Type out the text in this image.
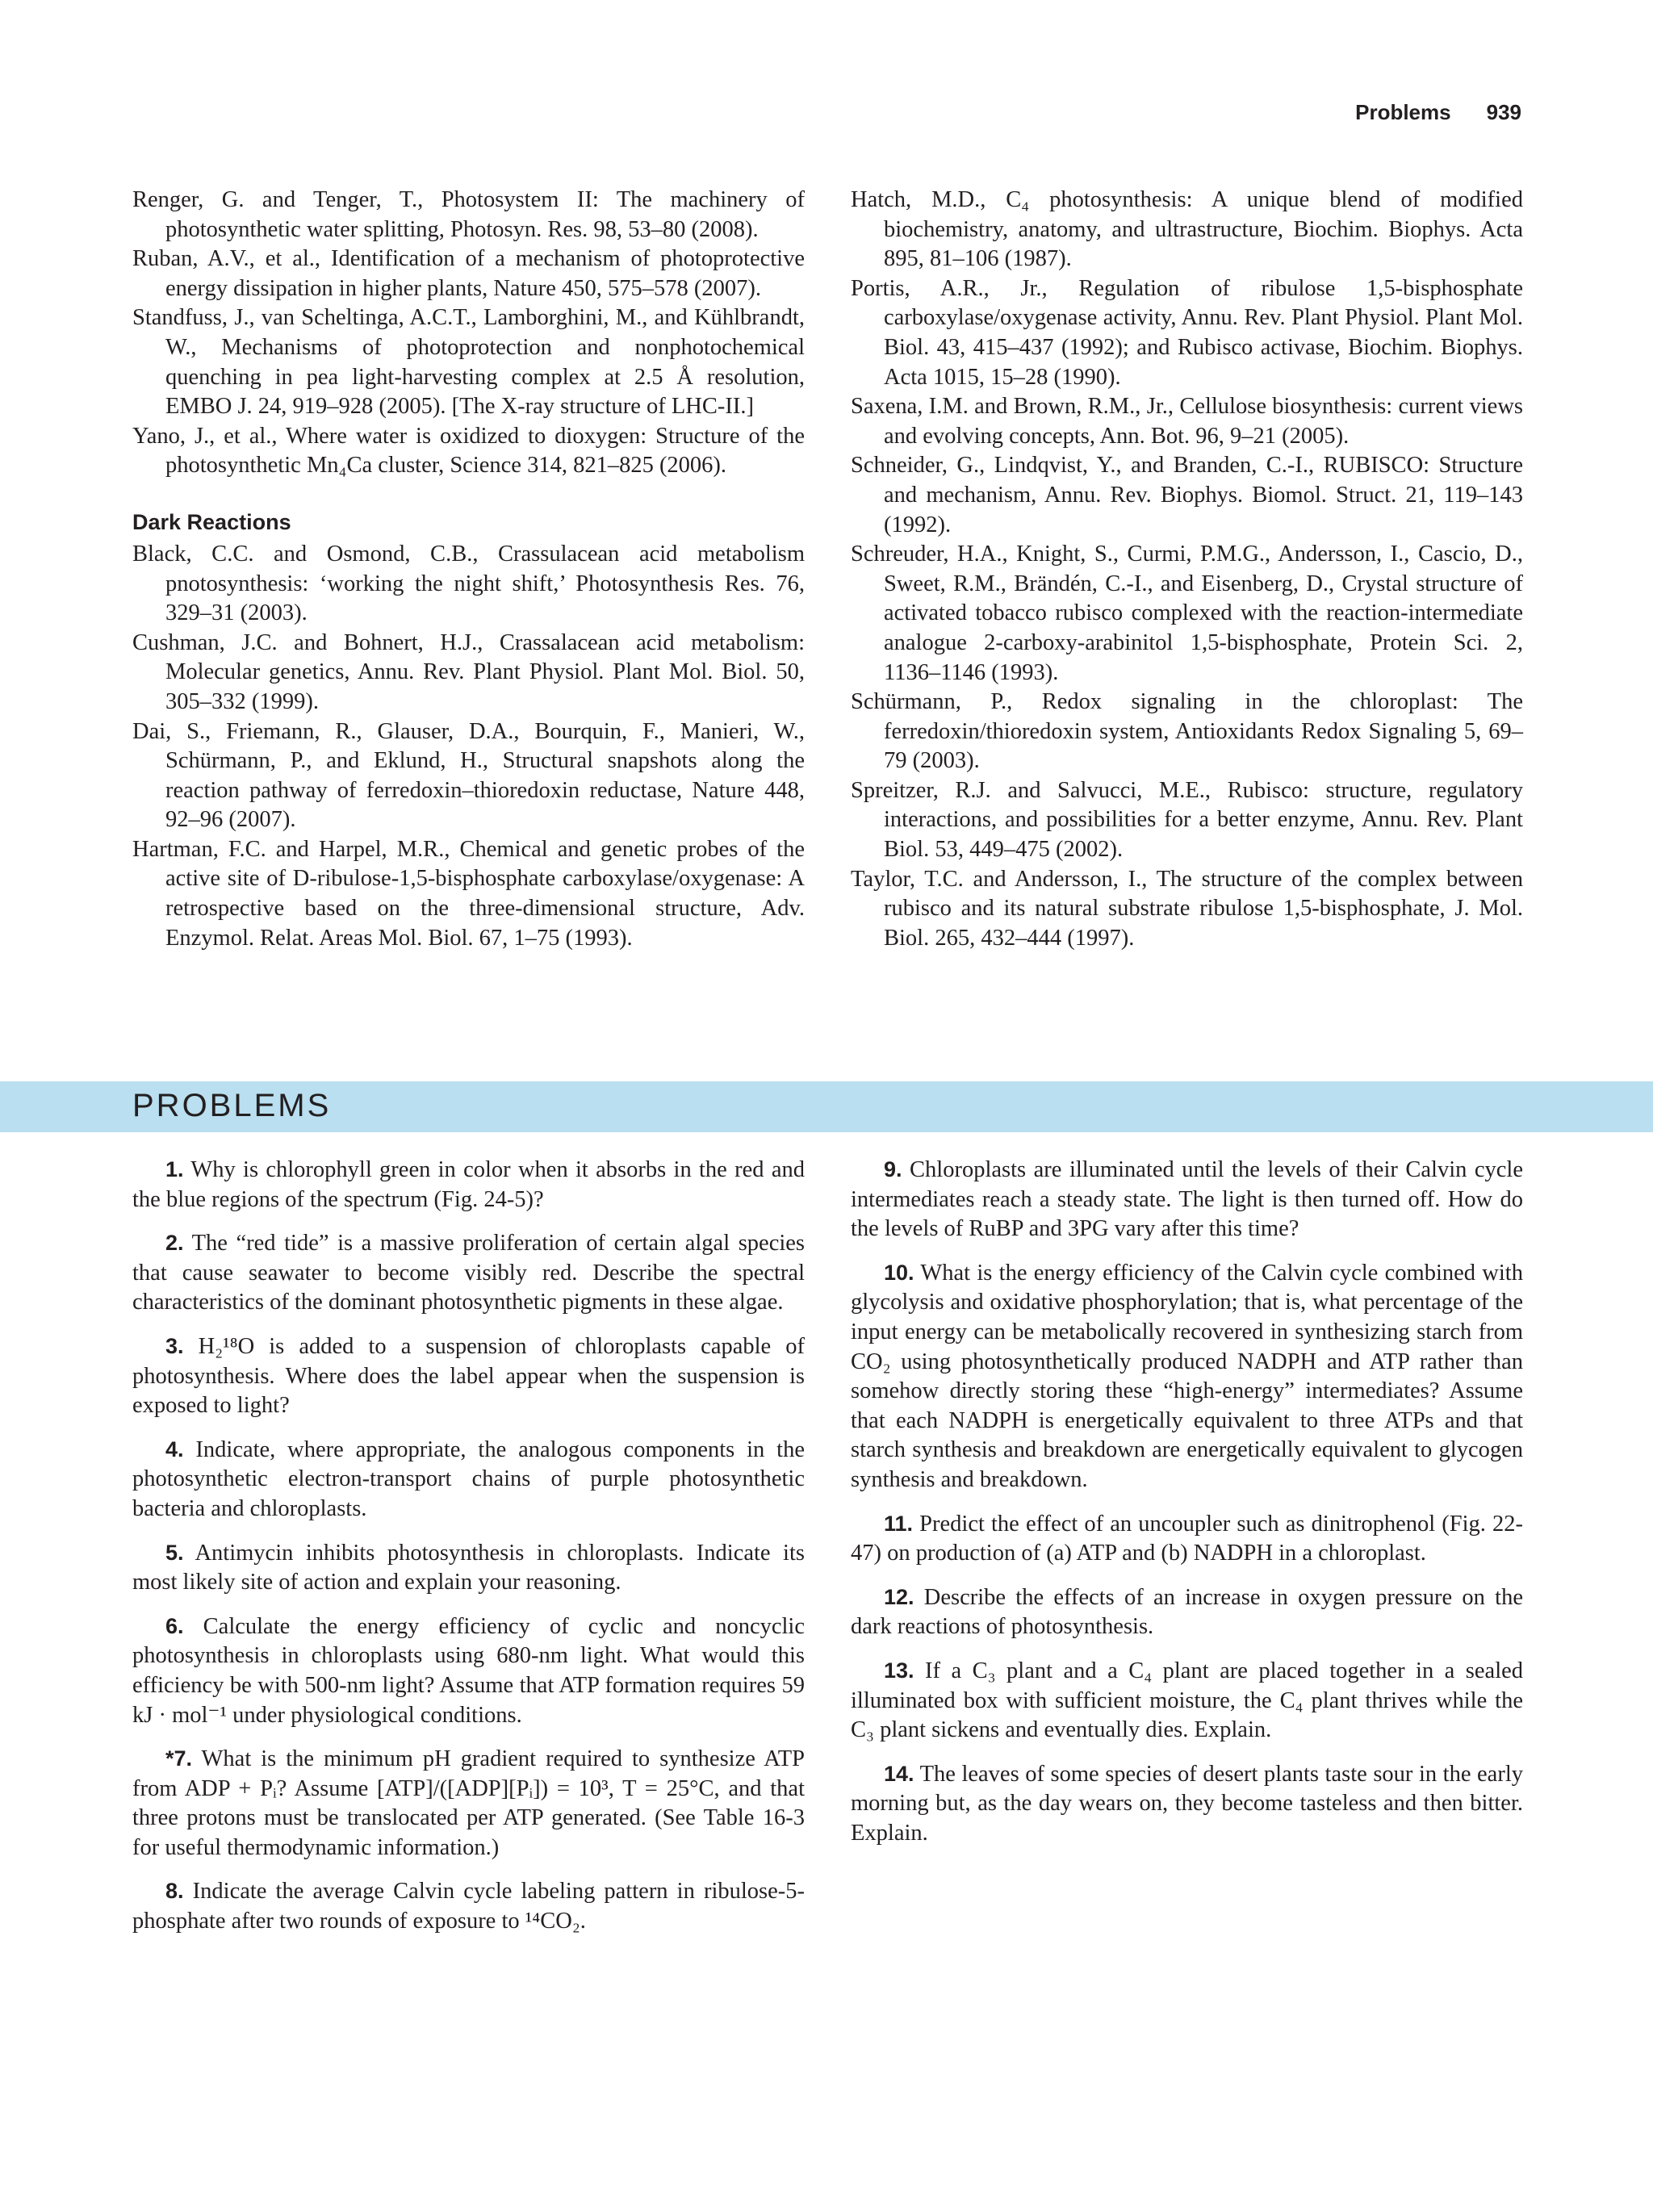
Problems 939

Renger, G. and Tenger, T., Photosystem II: The machinery of photosynthetic water splitting, Photosyn. Res. 98, 53–80 (2008).

Ruban, A.V., et al., Identification of a mechanism of photoprotective energy dissipation in higher plants, Nature 450, 575–578 (2007).

Standfuss, J., van Scheltinga, A.C.T., Lamborghini, M., and Kühlbrandt, W., Mechanisms of photoprotection and nonphotochemical quenching in pea light-harvesting complex at 2.5 Å resolution, EMBO J. 24, 919–928 (2005). [The X-ray structure of LHC-II.]

Yano, J., et al., Where water is oxidized to dioxygen: Structure of the photosynthetic Mn₄Ca cluster, Science 314, 821–825 (2006).

Dark Reactions

Black, C.C. and Osmond, C.B., Crassulacean acid metabolism pnotosynthesis: ‘working the night shift,’ Photosynthesis Res. 76, 329–31 (2003).

Cushman, J.C. and Bohnert, H.J., Crassalacean acid metabolism: Molecular genetics, Annu. Rev. Plant Physiol. Plant Mol. Biol. 50, 305–332 (1999).

Dai, S., Friemann, R., Glauser, D.A., Bourquin, F., Manieri, W., Schürmann, P., and Eklund, H., Structural snapshots along the reaction pathway of ferredoxin–thioredoxin reductase, Nature 448, 92–96 (2007).

Hartman, F.C. and Harpel, M.R., Chemical and genetic probes of the active site of D-ribulose-1,5-bisphosphate carboxylase/oxygenase: A retrospective based on the three-dimensional structure, Adv. Enzymol. Relat. Areas Mol. Biol. 67, 1–75 (1993).

Hatch, M.D., C₄ photosynthesis: A unique blend of modified biochemistry, anatomy, and ultrastructure, Biochim. Biophys. Acta 895, 81–106 (1987).

Portis, A.R., Jr., Regulation of ribulose 1,5-bisphosphate carboxylase/oxygenase activity, Annu. Rev. Plant Physiol. Plant Mol. Biol. 43, 415–437 (1992); and Rubisco activase, Biochim. Biophys. Acta 1015, 15–28 (1990).

Saxena, I.M. and Brown, R.M., Jr., Cellulose biosynthesis: current views and evolving concepts, Ann. Bot. 96, 9–21 (2005).

Schneider, G., Lindqvist, Y., and Branden, C.-I., RUBISCO: Structure and mechanism, Annu. Rev. Biophys. Biomol. Struct. 21, 119–143 (1992).

Schreuder, H.A., Knight, S., Curmi, P.M.G., Andersson, I., Cascio, D., Sweet, R.M., Brändén, C.-I., and Eisenberg, D., Crystal structure of activated tobacco rubisco complexed with the reaction-intermediate analogue 2-carboxy-arabinitol 1,5-bisphosphate, Protein Sci. 2, 1136–1146 (1993).

Schürmann, P., Redox signaling in the chloroplast: The ferredoxin/thioredoxin system, Antioxidants Redox Signaling 5, 69–79 (2003).

Spreitzer, R.J. and Salvucci, M.E., Rubisco: structure, regulatory interactions, and possibilities for a better enzyme, Annu. Rev. Plant Biol. 53, 449–475 (2002).

Taylor, T.C. and Andersson, I., The structure of the complex between rubisco and its natural substrate ribulose 1,5-bisphosphate, J. Mol. Biol. 265, 432–444 (1997).

PROBLEMS

1. Why is chlorophyll green in color when it absorbs in the red and the blue regions of the spectrum (Fig. 24-5)?

2. The “red tide” is a massive proliferation of certain algal species that cause seawater to become visibly red. Describe the spectral characteristics of the dominant photosynthetic pigments in these algae.

3. H₂¹⁸O is added to a suspension of chloroplasts capable of photosynthesis. Where does the label appear when the suspension is exposed to light?

4. Indicate, where appropriate, the analogous components in the photosynthetic electron-transport chains of purple photosynthetic bacteria and chloroplasts.

5. Antimycin inhibits photosynthesis in chloroplasts. Indicate its most likely site of action and explain your reasoning.

6. Calculate the energy efficiency of cyclic and noncyclic photosynthesis in chloroplasts using 680-nm light. What would this efficiency be with 500-nm light? Assume that ATP formation requires 59 kJ · mol⁻¹ under physiological conditions.

*7. What is the minimum pH gradient required to synthesize ATP from ADP + Pᵢ? Assume [ATP]/([ADP][Pᵢ]) = 10³, T = 25°C, and that three protons must be translocated per ATP generated. (See Table 16-3 for useful thermodynamic information.)

8. Indicate the average Calvin cycle labeling pattern in ribulose-5-phosphate after two rounds of exposure to ¹⁴CO₂.

9. Chloroplasts are illuminated until the levels of their Calvin cycle intermediates reach a steady state. The light is then turned off. How do the levels of RuBP and 3PG vary after this time?

10. What is the energy efficiency of the Calvin cycle combined with glycolysis and oxidative phosphorylation; that is, what percentage of the input energy can be metabolically recovered in synthesizing starch from CO₂ using photosynthetically produced NADPH and ATP rather than somehow directly storing these “high-energy” intermediates? Assume that each NADPH is energetically equivalent to three ATPs and that starch synthesis and breakdown are energetically equivalent to glycogen synthesis and breakdown.

11. Predict the effect of an uncoupler such as dinitrophenol (Fig. 22-47) on production of (a) ATP and (b) NADPH in a chloroplast.

12. Describe the effects of an increase in oxygen pressure on the dark reactions of photosynthesis.

13. If a C₃ plant and a C₄ plant are placed together in a sealed illuminated box with sufficient moisture, the C₄ plant thrives while the C₃ plant sickens and eventually dies. Explain.

14. The leaves of some species of desert plants taste sour in the early morning but, as the day wears on, they become tasteless and then bitter. Explain.
